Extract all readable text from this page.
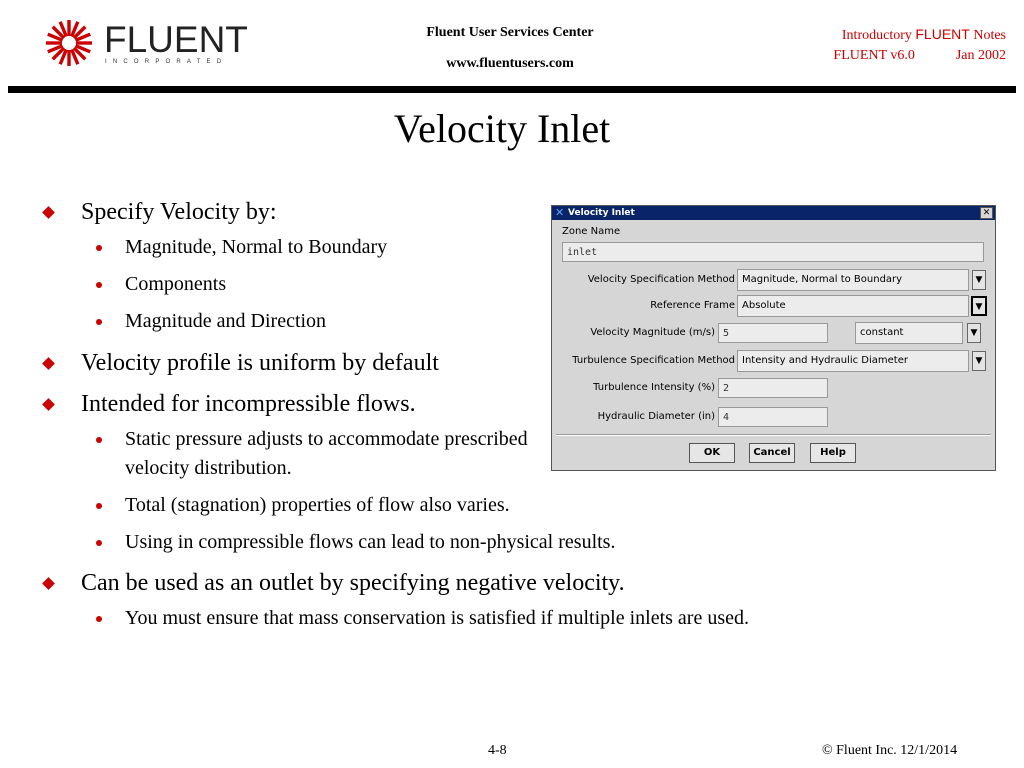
FLUENT
INCORPORATED
Fluent User Services Center
www.fluentusers.com
Introductory FLUENT Notes
FLUENT v6.0	Jan 2002
Velocity Inlet
Specify Velocity by:
Magnitude, Normal to Boundary
Components
Magnitude and Direction
Velocity profile is uniform by default
Intended for incompressible flows.
Static pressure adjusts to accommodate prescribed velocity distribution.
Total (stagnation) properties of flow also varies.
Using in compressible flows can lead to non-physical results.
Can be used as an outlet by specifying negative velocity.
You must ensure that mass conservation is satisfied if multiple inlets are used.
✕ Velocity Inlet	✕
Zone Name
inlet
Velocity Specification Method Magnitude, Normal to Boundary	▼
Reference Frame Absolute	▼
Velocity Magnitude (m/s) 5	constant	▼
Turbulence Specification Method Intensity and Hydraulic Diameter	▼
Turbulence Intensity (%) 2
Hydraulic Diameter (in) 4
OK	Cancel	Help
4-8	© Fluent Inc. 12/1/2014
